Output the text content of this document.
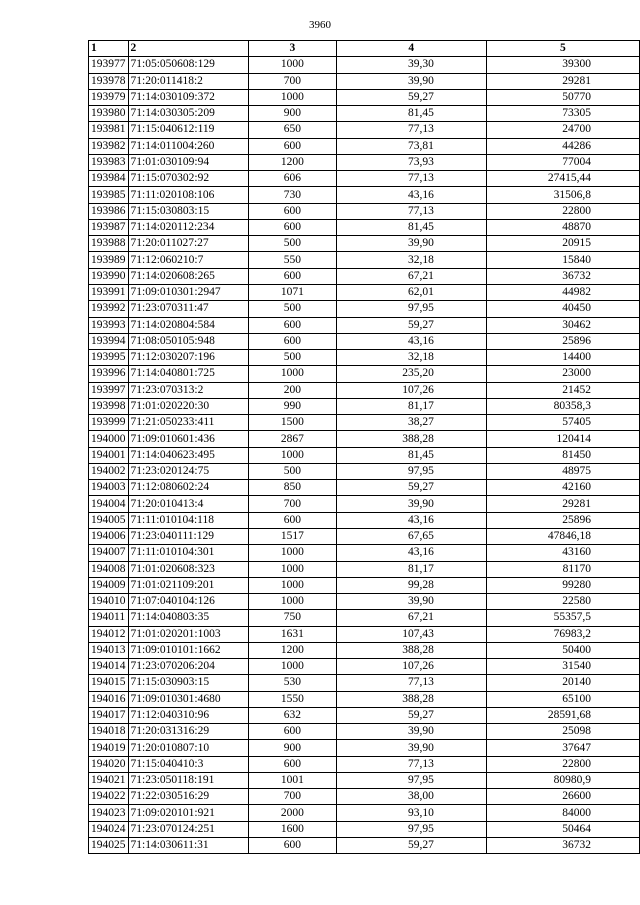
3960
1	2	3	4	5
193977	71:05:050608:129	1000	39,30	39300
193978	71:20:011418:2	700	39,90	29281
193979	71:14:030109:372	1000	59,27	50770
193980	71:14:030305:209	900	81,45	73305
193981	71:15:040612:119	650	77,13	24700
193982	71:14:011004:260	600	73,81	44286
193983	71:01:030109:94	1200	73,93	77004
193984	71:15:070302:92	606	77,13	27415,44
193985	71:11:020108:106	730	43,16	31506,8
193986	71:15:030803:15	600	77,13	22800
193987	71:14:020112:234	600	81,45	48870
193988	71:20:011027:27	500	39,90	20915
193989	71:12:060210:7	550	32,18	15840
193990	71:14:020608:265	600	67,21	36732
193991	71:09:010301:2947	1071	62,01	44982
193992	71:23:070311:47	500	97,95	40450
193993	71:14:020804:584	600	59,27	30462
193994	71:08:050105:948	600	43,16	25896
193995	71:12:030207:196	500	32,18	14400
193996	71:14:040801:725	1000	235,20	23000
193997	71:23:070313:2	200	107,26	21452
193998	71:01:020220:30	990	81,17	80358,3
193999	71:21:050233:411	1500	38,27	57405
194000	71:09:010601:436	2867	388,28	120414
194001	71:14:040623:495	1000	81,45	81450
194002	71:23:020124:75	500	97,95	48975
194003	71:12:080602:24	850	59,27	42160
194004	71:20:010413:4	700	39,90	29281
194005	71:11:010104:118	600	43,16	25896
194006	71:23:040111:129	1517	67,65	47846,18
194007	71:11:010104:301	1000	43,16	43160
194008	71:01:020608:323	1000	81,17	81170
194009	71:01:021109:201	1000	99,28	99280
194010	71:07:040104:126	1000	39,90	22580
194011	71:14:040803:35	750	67,21	55357,5
194012	71:01:020201:1003	1631	107,43	76983,2
194013	71:09:010101:1662	1200	388,28	50400
194014	71:23:070206:204	1000	107,26	31540
194015	71:15:030903:15	530	77,13	20140
194016	71:09:010301:4680	1550	388,28	65100
194017	71:12:040310:96	632	59,27	28591,68
194018	71:20:031316:29	600	39,90	25098
194019	71:20:010807:10	900	39,90	37647
194020	71:15:040410:3	600	77,13	22800
194021	71:23:050118:191	1001	97,95	80980,9
194022	71:22:030516:29	700	38,00	26600
194023	71:09:020101:921	2000	93,10	84000
194024	71:23:070124:251	1600	97,95	50464
194025	71:14:030611:31	600	59,27	36732
